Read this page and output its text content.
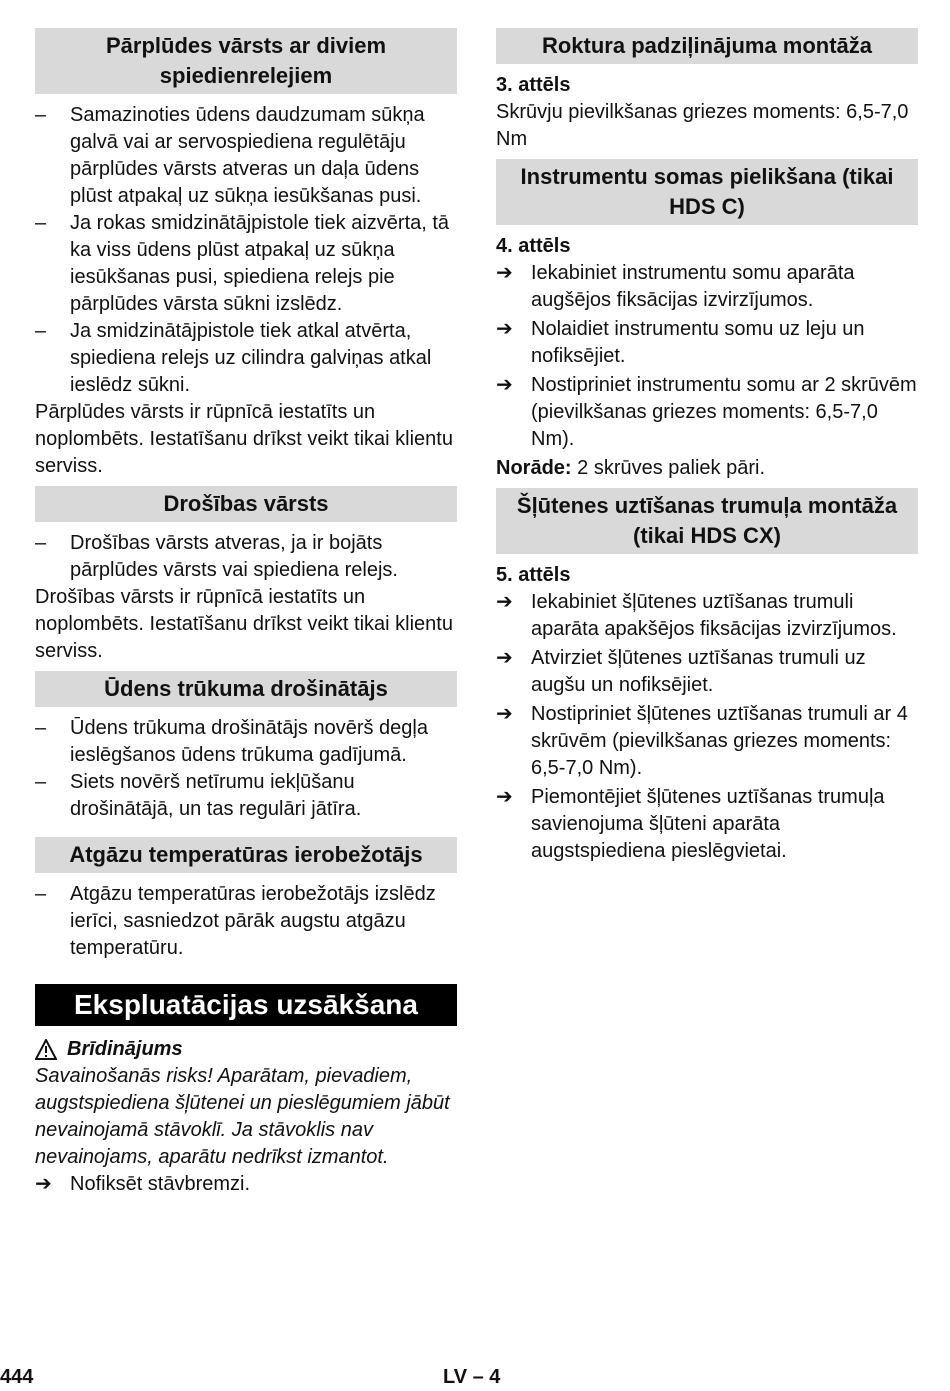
Pārplūdes vārsts ar diviem spiedienrelejiem
–	Samazinoties ūdens daudzumam sūkņa galvā vai ar servospiediena regulētāju pārplūdes vārsts atveras un daļa ūdens plūst atpakaļ uz sūkņa iesūkšanas pusi.
–	Ja rokas smidzinātājpistole tiek aizvērta, tā ka viss ūdens plūst atpakaļ uz sūkņa iesūkšanas pusi, spiediena relejs pie pārplūdes vārsta sūkni izslēdz.
–	Ja smidzinātājpistole tiek atkal atvērta, spiediena relejs uz cilindra galviņas atkal ieslēdz sūkni.

Pārplūdes vārsts ir rūpnīcā iestatīts un noplombēts. Iestatīšanu drīkst veikt tikai klientu serviss.

Drošības vārsts
–	Drošības vārsts atveras, ja ir bojāts pārplūdes vārsts vai spiediena relejs.

Drošības vārsts ir rūpnīcā iestatīts un noplombēts. Iestatīšanu drīkst veikt tikai klientu serviss.

Ūdens trūkuma drošinātājs
–	Ūdens trūkuma drošinātājs novērš degļa ieslēgšanos ūdens trūkuma gadījumā.
–	Siets novērš netīrumu iekļūšanu drošinātājā, un tas regulāri jātīra.
Atgāzu temperatūras ierobežotājs
–	Atgāzu temperatūras ierobežotājs izslēdz ierīci, sasniedzot pārāk augstu atgāzu temperatūru.
Ekspluatācijas uzsākšana
Brīdinājums

Savainošanās risks! Aparātam, pievadiem, augstspiediena šļūtenei un pieslēgumiem jābūt nevainojamā stāvoklī. Ja stāvoklis nav nevainojams, aparātu nedrīkst izmantot.

➔ Nofiksēt stāvbremzi.
Roktura padziļinājuma montāža

3. attēls

Skrūvju pievilkšanas griezes moments: 6,5-7,0 Nm

Instrumentu somas pielikšana (tikai HDS C)

4. attēls

➔ Iekabiniet instrumentu somu aparāta augšējos fiksācijas izvirzījumos.
➔ Nolaidiet instrumentu somu uz leju un nofiksējiet.
➔ Nostipriniet instrumentu somu ar 2 skrūvēm (pievilkšanas griezes moments: 6,5-7,0 Nm).

Norāde: 2 skrūves paliek pāri.

Šļūtenes uztīšanas trumuļa montāža (tikai HDS CX)

5. attēls

➔ Iekabiniet šļūtenes uztīšanas trumuli aparāta apakšējos fiksācijas izvirzījumos.
➔ Atvirziet šļūtenes uztīšanas trumuli uz augšu un nofiksējiet.
➔ Nostipriniet šļūtenes uztīšanas trumuli ar 4 skrūvēm (pievilkšanas griezes moments: 6,5-7,0 Nm).
➔ Piemontējiet šļūtenes uztīšanas trumuļa savienojuma šļūteni aparāta augstspiediena pieslēgvietai.
444	LV – 4
